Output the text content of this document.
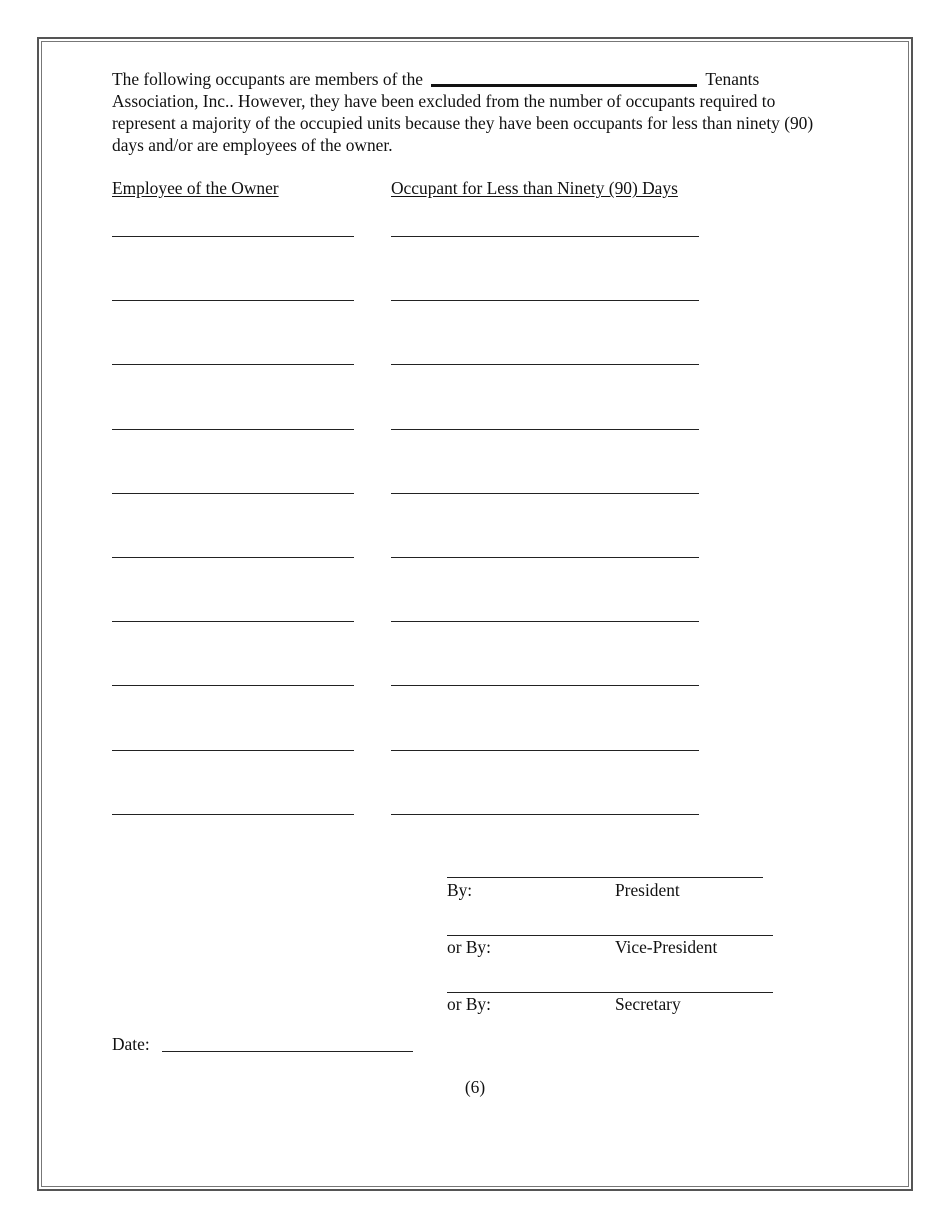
The following occupants are members of the	Tenants Association, Inc.. However, they have been excluded from the number of occupants required to represent a majority of the occupied units because they have been occupants for less than ninety (90) days and/or are employees of the owner.

Employee of the Owner	Occupant for Less than Ninety (90) Days

By:	President

or By:	Vice-President

or By:	Secretary

Date:

(6)
